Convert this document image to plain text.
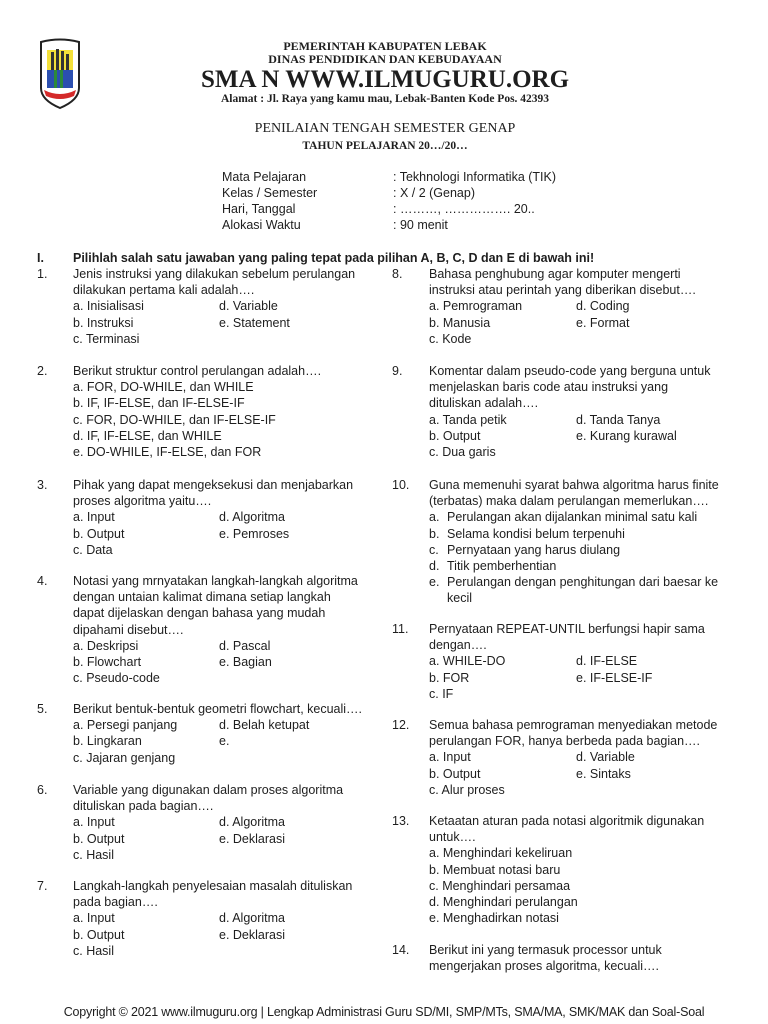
PEMERINTAH KABUPATEN LEBAK
DINAS PENDIDIKAN DAN KEBUDAYAAN
SMA N WWW.ILMUGURU.ORG
Alamat : Jl. Raya yang kamu mau, Lebak-Banten Kode Pos. 42393
PENILAIAN TENGAH SEMESTER GENAP
TAHUN PELAJARAN 20…/20…
Mata Pelajaran	: Tekhnologi Informatika (TIK)
Kelas / Semester	: X / 2 (Genap)
Hari, Tanggal	: ………, ……………. 20..
Alokasi Waktu	: 90 menit
I. Pilihlah salah satu jawaban yang paling tepat pada pilihan A, B, C, D dan E di bawah ini!
1. Jenis instruksi yang dilakukan sebelum perulangan
dilakukan pertama kali adalah….
a. Inisialisasi	d. Variable
b. Instruksi	e. Statement
c. Terminasi
2. Berikut struktur control perulangan adalah….
a. FOR, DO-WHILE, dan WHILE
b. IF, IF-ELSE, dan IF-ELSE-IF
c. FOR, DO-WHILE, dan IF-ELSE-IF
d. IF, IF-ELSE, dan WHILE
e. DO-WHILE, IF-ELSE, dan FOR
3. Pihak yang dapat mengeksekusi dan menjabarkan
proses algoritma yaitu….
a. Input	d. Algoritma
b. Output	e. Pemroses
c. Data
4. Notasi yang mrnyatakan langkah-langkah algoritma
dengan untaian kalimat dimana setiap langkah
dapat dijelaskan dengan bahasa yang mudah
dipahami disebut….
a. Deskripsi	d. Pascal
b. Flowchart	e. Bagian
c. Pseudo-code
5. Berikut bentuk-bentuk geometri flowchart, kecuali….
a. Persegi panjang	d. Belah ketupat
b. Lingkaran	e.
c. Jajaran genjang
6. Variable yang digunakan dalam proses algoritma
dituliskan pada bagian….
a. Input	d. Algoritma
b. Output	e. Deklarasi
c. Hasil
7. Langkah-langkah penyelesaian masalah dituliskan
pada bagian….
a. Input	d. Algoritma
b. Output	e. Deklarasi
c. Hasil
8. Bahasa penghubung agar komputer mengerti
instruksi atau perintah yang diberikan disebut….
a. Pemrograman	d. Coding
b. Manusia	e. Format
c. Kode
9. Komentar dalam pseudo-code yang berguna untuk
menjelaskan baris code atau instruksi yang
dituliskan adalah….
a. Tanda petik	d. Tanda Tanya
b. Output	e. Kurang kurawal
c. Dua garis
10. Guna memenuhi syarat bahwa algoritma harus finite
(terbatas) maka dalam perulangan memerlukan….
a. Perulangan akan dijalankan minimal satu kali
b. Selama kondisi belum terpenuhi
c. Pernyataan yang harus diulang
d. Titik pemberhentian
e. Perulangan dengan penghitungan dari baesar ke
kecil
11. Pernyataan REPEAT-UNTIL berfungsi hapir sama
dengan….
a. WHILE-DO	d. IF-ELSE
b. FOR	e. IF-ELSE-IF
c. IF
12. Semua bahasa pemrograman menyediakan metode
perulangan FOR, hanya berbeda pada bagian….
a. Input	d. Variable
b. Output	e. Sintaks
c. Alur proses
13. Ketaatan aturan pada notasi algoritmik digunakan
untuk….
a. Menghindari kekeliruan
b. Membuat notasi baru
c. Menghindari persamaa
d. Menghindari perulangan
e. Menghadirkan notasi
14. Berikut ini yang termasuk processor untuk
mengerjakan proses algoritma, kecuali….
Copyright © 2021 www.ilmuguru.org | Lengkap Administrasi Guru SD/MI, SMP/MTs, SMA/MA, SMK/MAK dan Soal-Soal
